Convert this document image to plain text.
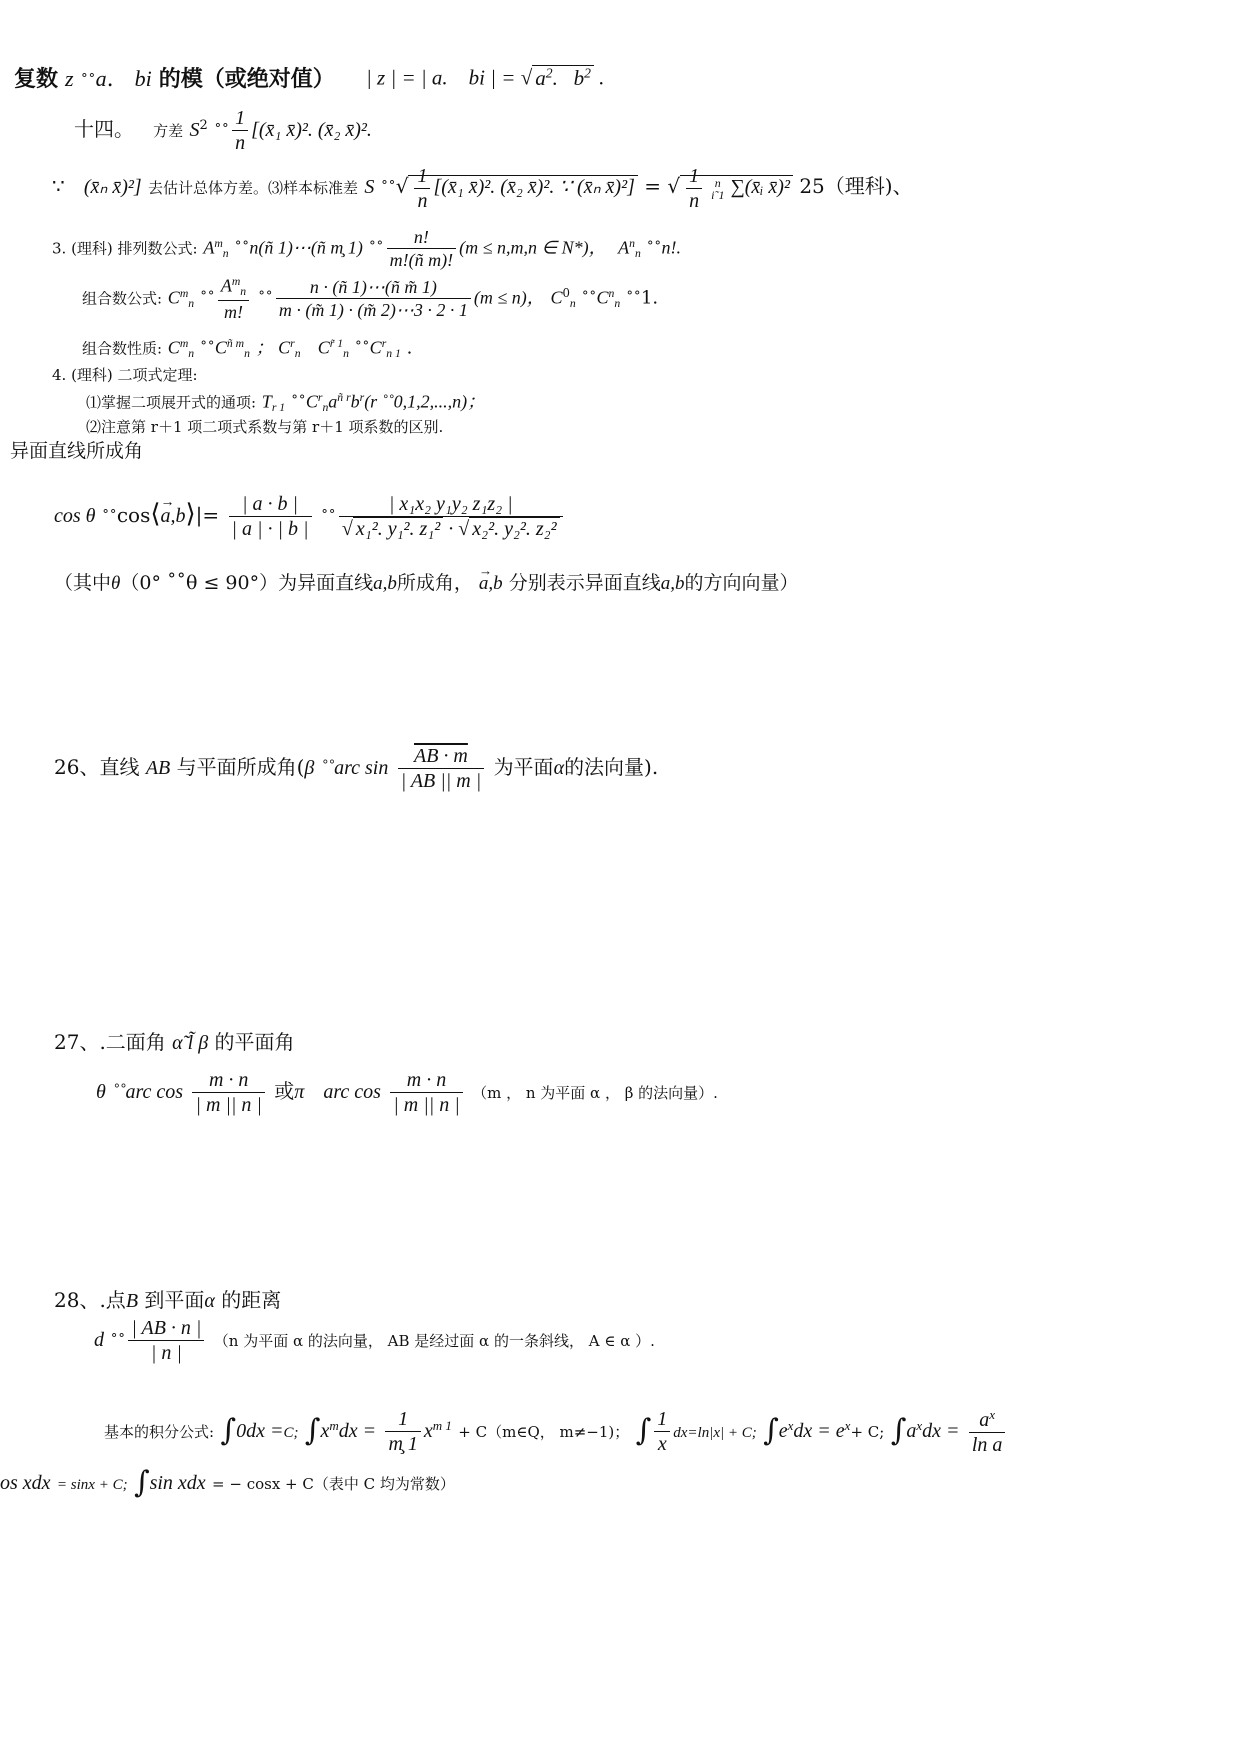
复数 z ˚˚a. bi 的模（或绝对值） | z | = | a. bi | = √ $a^2$.   $b^2$ .
十四。 方差 $S^2$ ˚˚ $\frac{1}{n}$ [(x̄₁ x̄)². (x̄₂ x̄)².
∵ (x̄ₙ x̄)²] 去估计总体方差。⑶样本标准差 S ˚˚√ $\frac{1}{n}$ [(x̄₁ x̄)². (x̄₂ x̄)². ∵ (x̄ₙ x̄)²] = √ $\frac{1}{n}$	n
i˜1 ∑(x̄ᵢ x̄)² 25（理科)、
3. (理科) 排列数公式: $A^m_n$ ˚˚n(ñ 1)⋯(ñ m̧ 1) ˚˚ $\frac{n!}{\text{m!(ñ m)!}} (m \le n,m,n$ ∈ N*)， $A^n_n$ ˚˚n!.
组合数公式: $C^m_n$ ˚˚ $\frac{A^m_n}{m!}$ ˚˚ $\frac{\text{n · (ñ 1)⋯(ñ m̃ 1)}}{m \cdot (m̃ 1) \cdot (m̃ 2)\cdots 3 \cdot 2 \cdot 1} (m \le n)$， $C^0_n$ $˚˚C^n_n$ ˚˚1.
组合数性质: $C^m_n$ $˚˚C^{ñ m}_n$ ； $C^r_n$ $C^{r̃ 1}_n$ $˚˚C^r_{n 1}$ .
4. (理科) 二项式定理:
⑴掌握二项展开式的通项: $T_{r 1}$ $˚˚C^r_na^{ñ r}b^r(r$ ˚˚0,1,2,...,n)；
⑵注意第 r＋1 项二项式系数与第 r＋1 项系数的区别.
异面直线所成角
cos θ ˚˚cos⟨→ a,b⟩|= $\frac{| a \cdot b |}{| a | \cdot | b |}$ ˚˚ $\frac{\text{| x₁x₂ y₁y₂ z₁z₂ |}}{\text{√ x₁². y₁². z₁² · √ x₂². y₂². z₂²}}$
（其中θ（0° ˚˚θ ≤ 90°）为异面直线a,b所成角， → a,b 分别表示异面直线a,b的方向向量）
26、直线 AB 与平面所成角(β ˚˚arc $\sin \frac{AB \cdot m}{| AB || m |}$ 为平面α的法向量).
27、.二面角 α̃ l̃ β 的平面角
θ ˚˚arc $\cos \frac{m \cdot n}{| m || n |}$ 或π arc $\cos \frac{m \cdot n}{| m || n |} (m$ ， n 为平面 α ， β 的法向量）.
28、.点B 到平面α 的距离
d ˚˚ $\frac{| AB \cdot n |}{| n |} (n$ 为平面 α 的法向量， AB 是经过面 α 的一条斜线， A ∈ α ）.
基本的积分公式: ∫0dx =C; $\int x^mdx = \frac{1}{m̧ 1} x^{m 1}$ + C（m∈Q， m≠−1)； ∫ $\frac{1}{x} dx=\ln|x| + C$; $\int e^xdx = e^x+ C$; $\int a^xdx = \frac{a^x}{\text{ln a}}$
os xdx = sinx + C; ∫sin xdx = − cosx + C（表中 C 均为常数）
